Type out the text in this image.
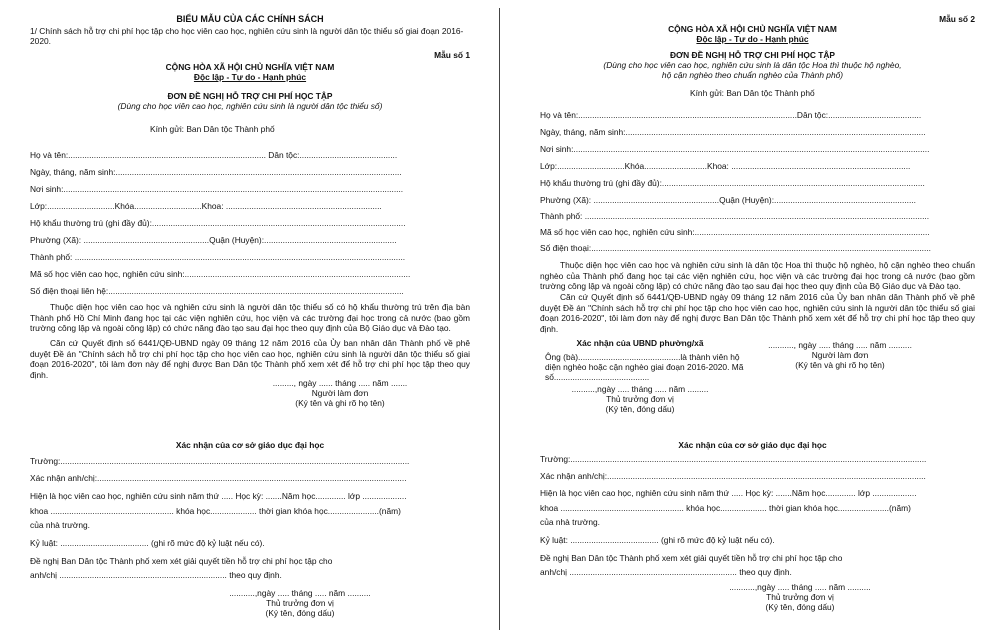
BIỂU MẪU CỦA CÁC CHÍNH SÁCH
1/ Chính sách hỗ trợ chi phí học tập cho học viên cao học, nghiên cứu sinh là người dân tộc thiểu số giai đoạn 2016-
2020.
Mẫu số 1
CỘNG HÒA XÃ HỘI CHỦ NGHĨA VIỆT NAM
Độc lập - Tự do - Hạnh phúc
ĐƠN ĐỀ NGHỊ HỖ TRỢ CHI PHÍ HỌC TẬP
(Dùng cho học viên cao học, nghiên cứu sinh là người dân tộc thiểu số)
Kính gửi: Ban Dân tộc Thành phố
Họ và tên:..................................................................................... Dân tộc:..........................................
Ngày, tháng, năm sinh:...........................................................................................................................
Nơi sinh:..................................................................................................................................................
Lớp:.............................Khóa.............................Khoa: ...................................................................
Hộ khẩu thường trú (ghi đầy đủ):.............................................................................................................
Phường (Xã): ......................................................Quận (Huyện):.........................................................
Thành phố: ..............................................................................................................................................
Mã số học viên cao học, nghiên cứu sinh:.................................................................................................
Số điện thoại liên hệ:...............................................................................................................................
Thuộc diện học viên cao học và nghiên cứu sinh là người dân tộc thiểu số có hộ khẩu thường trú trên địa bàn Thành phố Hồ Chí Minh đang học tại các viện nghiên cứu, học viện và các trường đại học trong cả nước (bao gồm trường công lập và ngoài công lập) có chức năng đào tạo sau đại học theo quy định của Bộ Giáo dục và Đào tạo.
Căn cứ Quyết định số 6441/QĐ-UBND ngày 09 tháng 12 năm 2016 của Ủy ban nhân dân Thành phố về phê duyệt Đề án "Chính sách hỗ trợ chi phí học tập cho học viên cao học, nghiên cứu sinh là người dân tộc thiểu số giai đoạn 2016-2020", tôi làm đơn này để nghị được Ban Dân tộc Thành phố xem xét để hỗ trợ chi phí học tập theo quy định.
........., ngày ...... tháng ..... năm .......
Người làm đơn
(Ký tên và ghi rõ họ tên)
Xác nhận của cơ sở giáo dục đại học
Trường:......................................................................................................................................................
Xác nhận anh/chị:.....................................................................................................................................
Hiện là học viên cao học, nghiên cứu sinh năm thứ ..... Học kỳ: .......Năm học............. lớp ...................
khoa ..................................................... khóa học.................... thời gian khóa học......................(năm)
của nhà trường.
Kỷ luật: ...................................... (ghi rõ mức độ kỷ luật nếu có).
Đề nghị Ban Dân tộc Thành phố xem xét giải quyết tiền hỗ trợ chi phí học tập cho
anh/chị ........................................................................ theo quy định.
...........,ngày ..... tháng ..... năm ..........
Thủ trưởng đơn vị
(Ký tên, đóng dấu)
Mẫu số 2
CỘNG HÒA XÃ HỘI CHỦ NGHĨA VIỆT NAM
Độc lập - Tự do - Hạnh phúc
ĐƠN ĐỀ NGHỊ HỖ TRỢ CHI PHÍ HỌC TẬP
(Dùng cho học viên cao học, nghiên cứu sinh là dân tộc Hoa thì thuộc hộ nghèo,
hộ cận nghèo theo chuẩn nghèo của Thành phố)
Kính gửi: Ban Dân tộc Thành phố
Họ và tên:..............................................................................................Dân tộc:........................................
Ngày, tháng, năm sinh:.................................................................................................................................
Nơi sinh:.........................................................................................................................................................
Lớp:.............................Khóa...........................Khoa: .............................................................................
Hộ khẩu thường trú (ghi đầy đủ):.................................................................................................................
Phường (Xã): ......................................................Quận (Huyện):.............................................................
Thành phố: ....................................................................................................................................................
Mã số học viên cao học, nghiên cứu sinh:.....................................................................................................
Số điện thoại:..................................................................................................................................................
Thuộc diện học viên cao học và nghiên cứu sinh là dân tộc Hoa thì thuộc hộ nghèo, hộ cận nghèo theo chuẩn nghèo của Thành phố đang học tại các viện nghiên cứu, học viện và các trường đại học trong cả nước (bao gồm trường công lập và ngoài công lập) có chức năng đào tạo sau đại học theo quy định của Bộ Giáo dục và Đào tạo.
Căn cứ Quyết định số 6441/QĐ-UBND ngày 09 tháng 12 năm 2016 của Ủy ban nhân dân Thành phố về phê duyệt Đề án "Chính sách hỗ trợ chi phí học tập cho học viên cao học, nghiên cứu sinh là người dân tộc thiểu số giai đoạn 2016-2020", tôi làm đơn này để nghị được Ban Dân tộc Thành phố xem xét để hỗ trợ chi phí học tập theo quy định.
Xác nhận của UBND phường/xã
Ông (bà)............................................là thành viên hộ
diện nghèo hoặc cận nghèo giai đoạn 2016-2020. Mã
số.........................................
..........,ngày ..... tháng ..... năm .........
Thủ trưởng đơn vị
(Ký tên, đóng dấu)
..........., ngày ..... tháng ..... năm ..........
Người làm đơn
(Ký tên và ghi rõ họ tên)
Xác nhận của cơ sở giáo dục đại học
Trường:.........................................................................................................................................................
Xác nhận anh/chị:.........................................................................................................................................
Hiện là học viên cao học, nghiên cứu sinh năm thứ ..... Học kỳ: .......Năm học............. lớp ...................
khoa ..................................................... khóa học.................... thời gian khóa học......................(năm)
của nhà trường.
Kỷ luật: ...................................... (ghi rõ mức độ kỷ luật nếu có).
Đề nghị Ban Dân tộc Thành phố xem xét giải quyết tiền hỗ trợ chi phí học tập cho
anh/chị ........................................................................ theo quy định.
...........,ngày ..... tháng ..... năm ..........
Thủ trưởng đơn vị
(Ký tên, đóng dấu)
